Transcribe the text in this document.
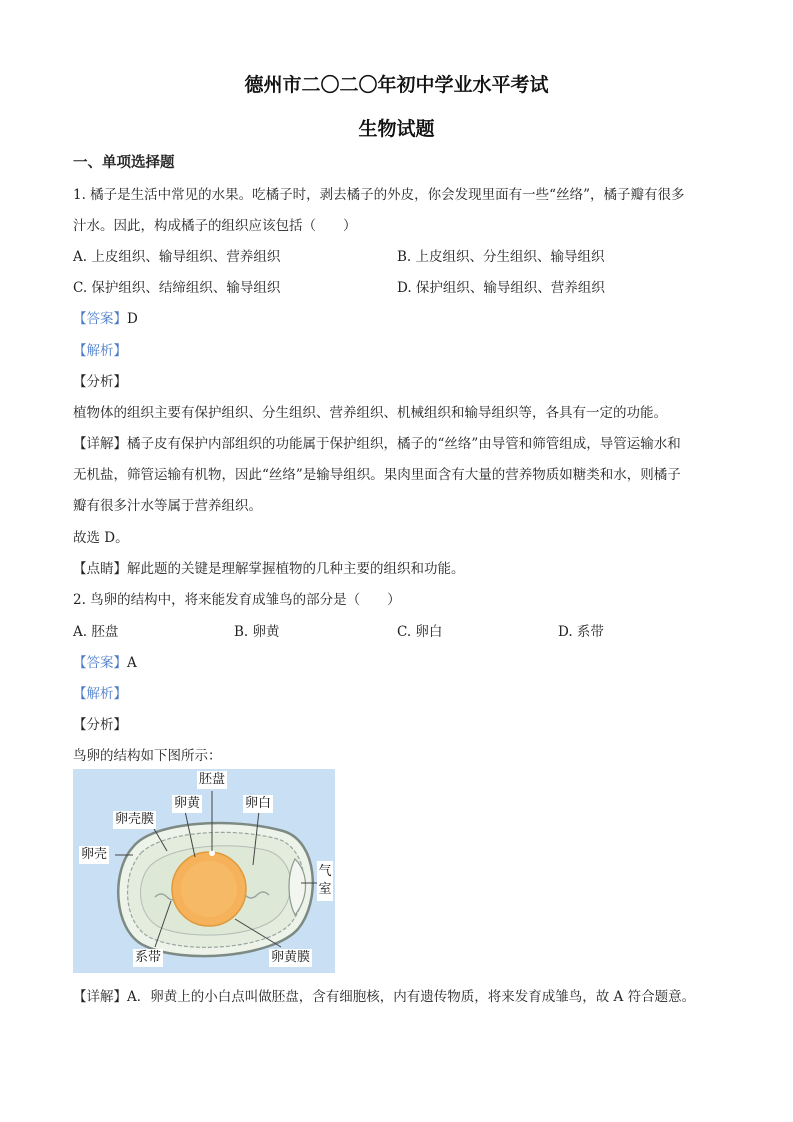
德州市二〇二〇年初中学业水平考试
生物试题
一、单项选择题
1. 橘子是生活中常见的水果。吃橘子时，剥去橘子的外皮，你会发现里面有一些“丝络”，橘子瓣有很多
汁水。因此，构成橘子的组织应该包括（　　）
A. 上皮组织、输导组织、营养组织	B. 上皮组织、分生组织、输导组织
C. 保护组织、结缔组织、输导组织	D. 保护组织、输导组织、营养组织
【答案】D
【解析】
【分析】
植物体的组织主要有保护组织、分生组织、营养组织、机械组织和输导组织等，各具有一定的功能。
【详解】橘子皮有保护内部组织的功能属于保护组织，橘子的“丝络”由导管和筛管组成，导管运输水和
无机盐，筛管运输有机物，因此“丝络”是输导组织。果肉里面含有大量的营养物质如糖类和水，则橘子
瓣有很多汁水等属于营养组织。
故选 D。
【点睛】解此题的关键是理解掌握植物的几种主要的组织和功能。
2. 鸟卵的结构中，将来能发育成雏鸟的部分是（　　）
A. 胚盘	B. 卵黄	C. 卵白	D. 系带
【答案】A
【解析】
【分析】
鸟卵的结构如下图所示：
胚盘
卵黄	卵白
卵壳膜
卵壳
气室
系带	卵黄膜
【详解】A．卵黄上的小白点叫做胚盘，含有细胞核，内有遗传物质，将来发育成雏鸟，故 A 符合题意。
